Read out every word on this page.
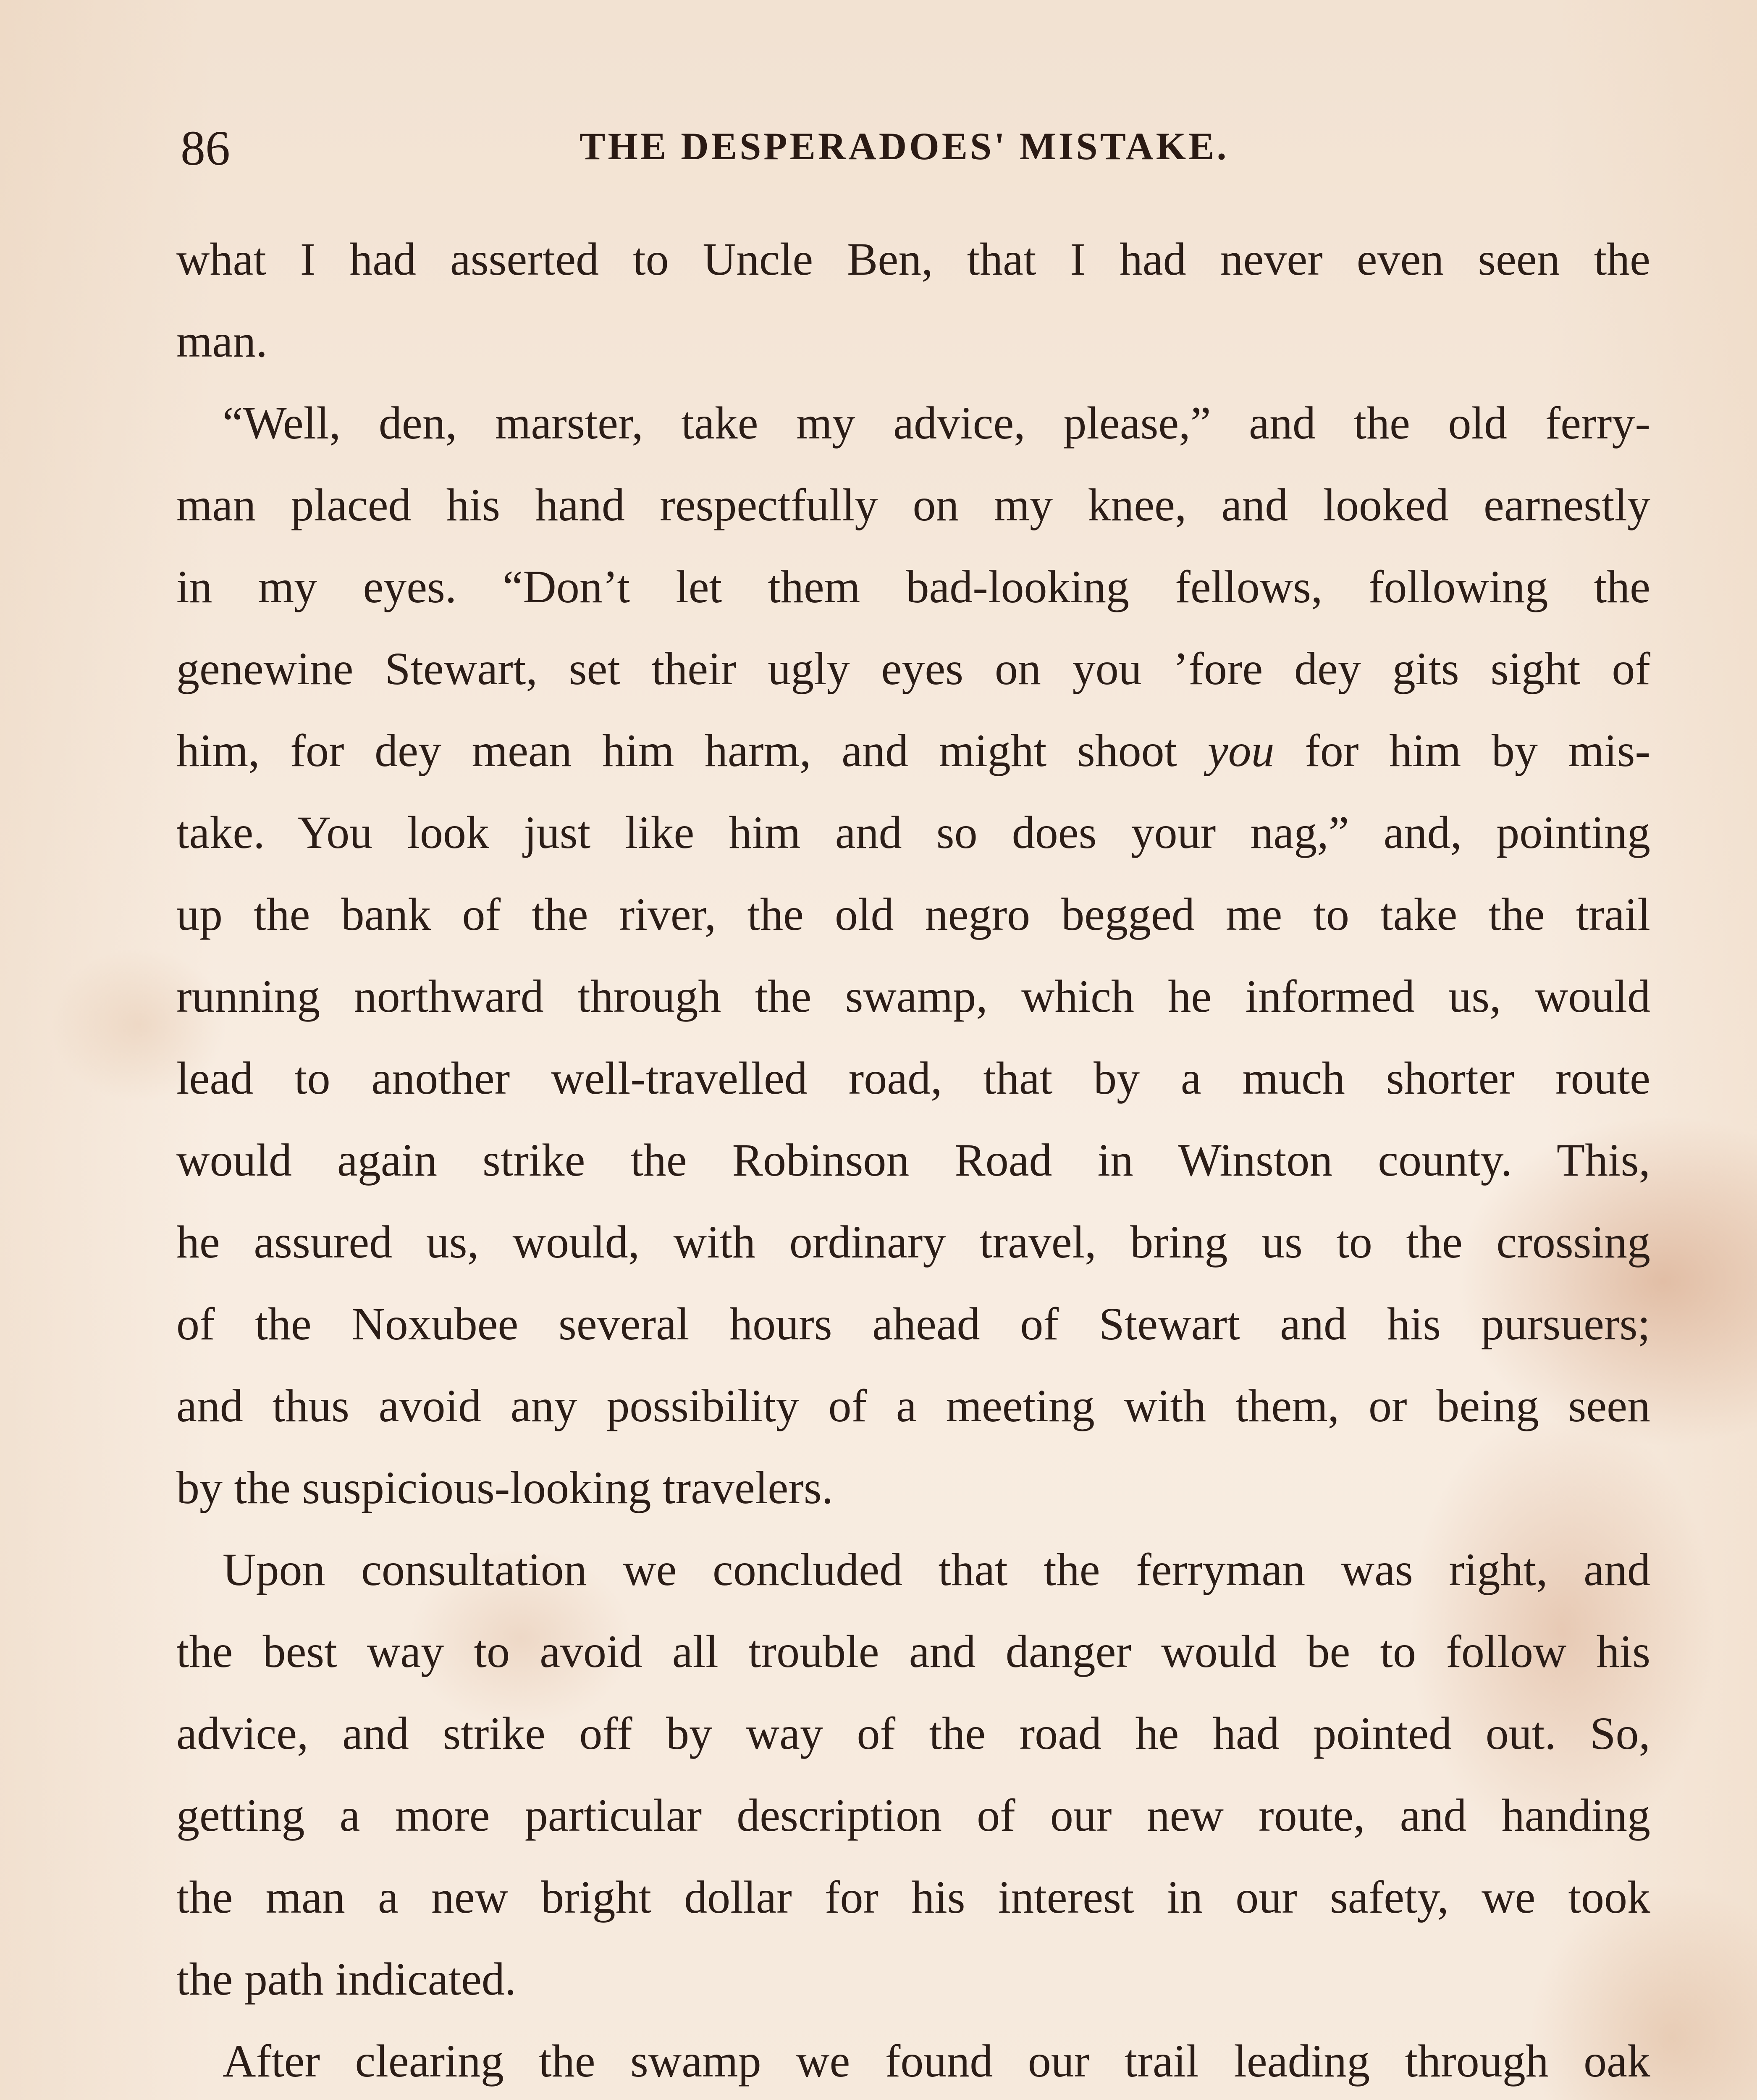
86	THE DESPERADOES' MISTAKE.
what I had asserted to Uncle Ben, that I had never even seen the
man.
“Well, den, marster, take my advice, please,” and the old ferry-
man placed his hand respectfully on my knee, and looked earnestly
in my eyes. “Don’t let them bad-looking fellows, following the
genewine Stewart, set their ugly eyes on you ’fore dey gits sight of
him, for dey mean him harm, and might shoot you for him by mis-
take. You look just like him and so does your nag,” and, pointing
up the bank of the river, the old negro begged me to take the trail
running northward through the swamp, which he informed us, would
lead to another well-travelled road, that by a much shorter route
would again strike the Robinson Road in Winston county. This,
he assured us, would, with ordinary travel, bring us to the crossing
of the Noxubee several hours ahead of Stewart and his pursuers;
and thus avoid any possibility of a meeting with them, or being seen
by the suspicious-looking travelers.
Upon consultation we concluded that the ferryman was right, and
the best way to avoid all trouble and danger would be to follow his
advice, and strike off by way of the road he had pointed out. So,
getting a more particular description of our new route, and handing
the man a new bright dollar for his interest in our safety, we took
the path indicated.
After clearing the swamp we found our trail leading through oak
